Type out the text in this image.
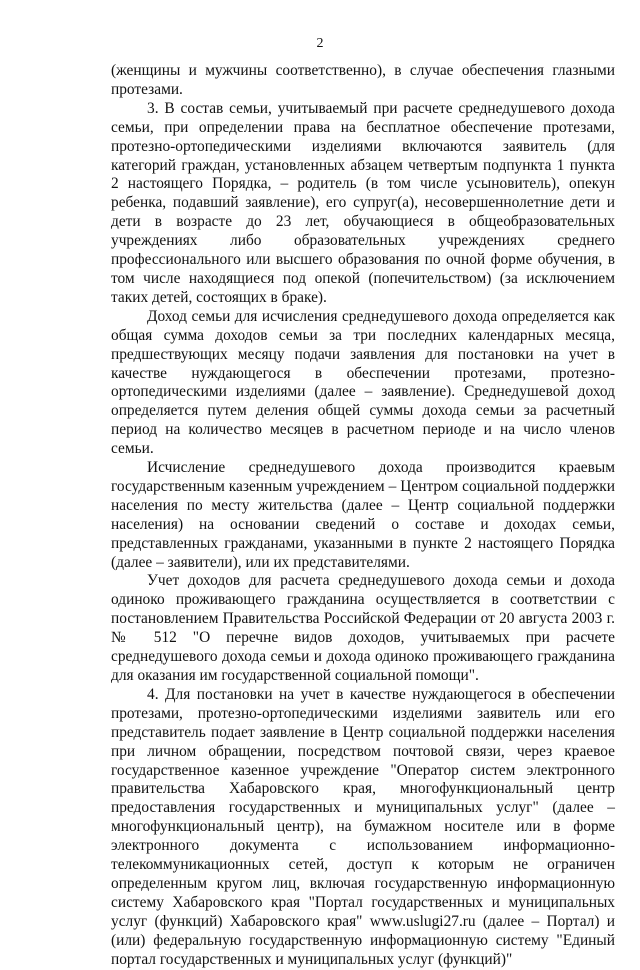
2

(женщины и мужчины соответственно), в случае обеспечения глазными протезами.

3. В состав семьи, учитываемый при расчете среднедушевого дохода семьи, при определении права на бесплатное обеспечение протезами, протезно-ортопедическими изделиями включаются заявитель (для категорий граждан, установленных абзацем четвертым подпункта 1 пункта 2 настоящего Порядка, – родитель (в том числе усыновитель), опекун ребенка, подавший заявление), его супруг(а), несовершеннолетние дети и дети в возрасте до 23 лет, обучающиеся в общеобразовательных учреждениях либо образовательных учреждениях среднего профессионального или высшего образования по очной форме обучения, в том числе находящиеся под опекой (попечительством) (за исключением таких детей, состоящих в браке).

Доход семьи для исчисления среднедушевого дохода определяется как общая сумма доходов семьи за три последних календарных месяца, предшествующих месяцу подачи заявления для постановки на учет в качестве нуждающегося в обеспечении протезами, протезно-ортопедическими изделиями (далее – заявление). Среднедушевой доход определяется путем деления общей суммы дохода семьи за расчетный период на количество месяцев в расчетном периоде и на число членов семьи.

Исчисление среднедушевого дохода производится краевым государственным казенным учреждением – Центром социальной поддержки населения по месту жительства (далее – Центр социальной поддержки населения) на основании сведений о составе и доходах семьи, представленных гражданами, указанными в пункте 2 настоящего Порядка (далее – заявители), или их представителями.

Учет доходов для расчета среднедушевого дохода семьи и дохода одиноко проживающего гражданина осуществляется в соответствии с постановлением Правительства Российской Федерации от 20 августа 2003 г. № 512 "О перечне видов доходов, учитываемых при расчете среднедушевого дохода семьи и дохода одиноко проживающего гражданина для оказания им государственной социальной помощи".

4. Для постановки на учет в качестве нуждающегося в обеспечении протезами, протезно-ортопедическими изделиями заявитель или его представитель подает заявление в Центр социальной поддержки населения при личном обращении, посредством почтовой связи, через краевое государственное казенное учреждение "Оператор систем электронного правительства Хабаровского края, многофункциональный центр предоставления государственных и муниципальных услуг" (далее – многофункциональный центр), на бумажном носителе или в форме электронного документа с использованием информационно-телекоммуникационных сетей, доступ к которым не ограничен определенным кругом лиц, включая государственную информационную систему Хабаровского края "Портал государственных и муниципальных услуг (функций) Хабаровского края" www.uslugi27.ru (далее – Портал) и (или) федеральную государственную информационную систему "Единый портал государственных и муниципальных услуг (функций)"
